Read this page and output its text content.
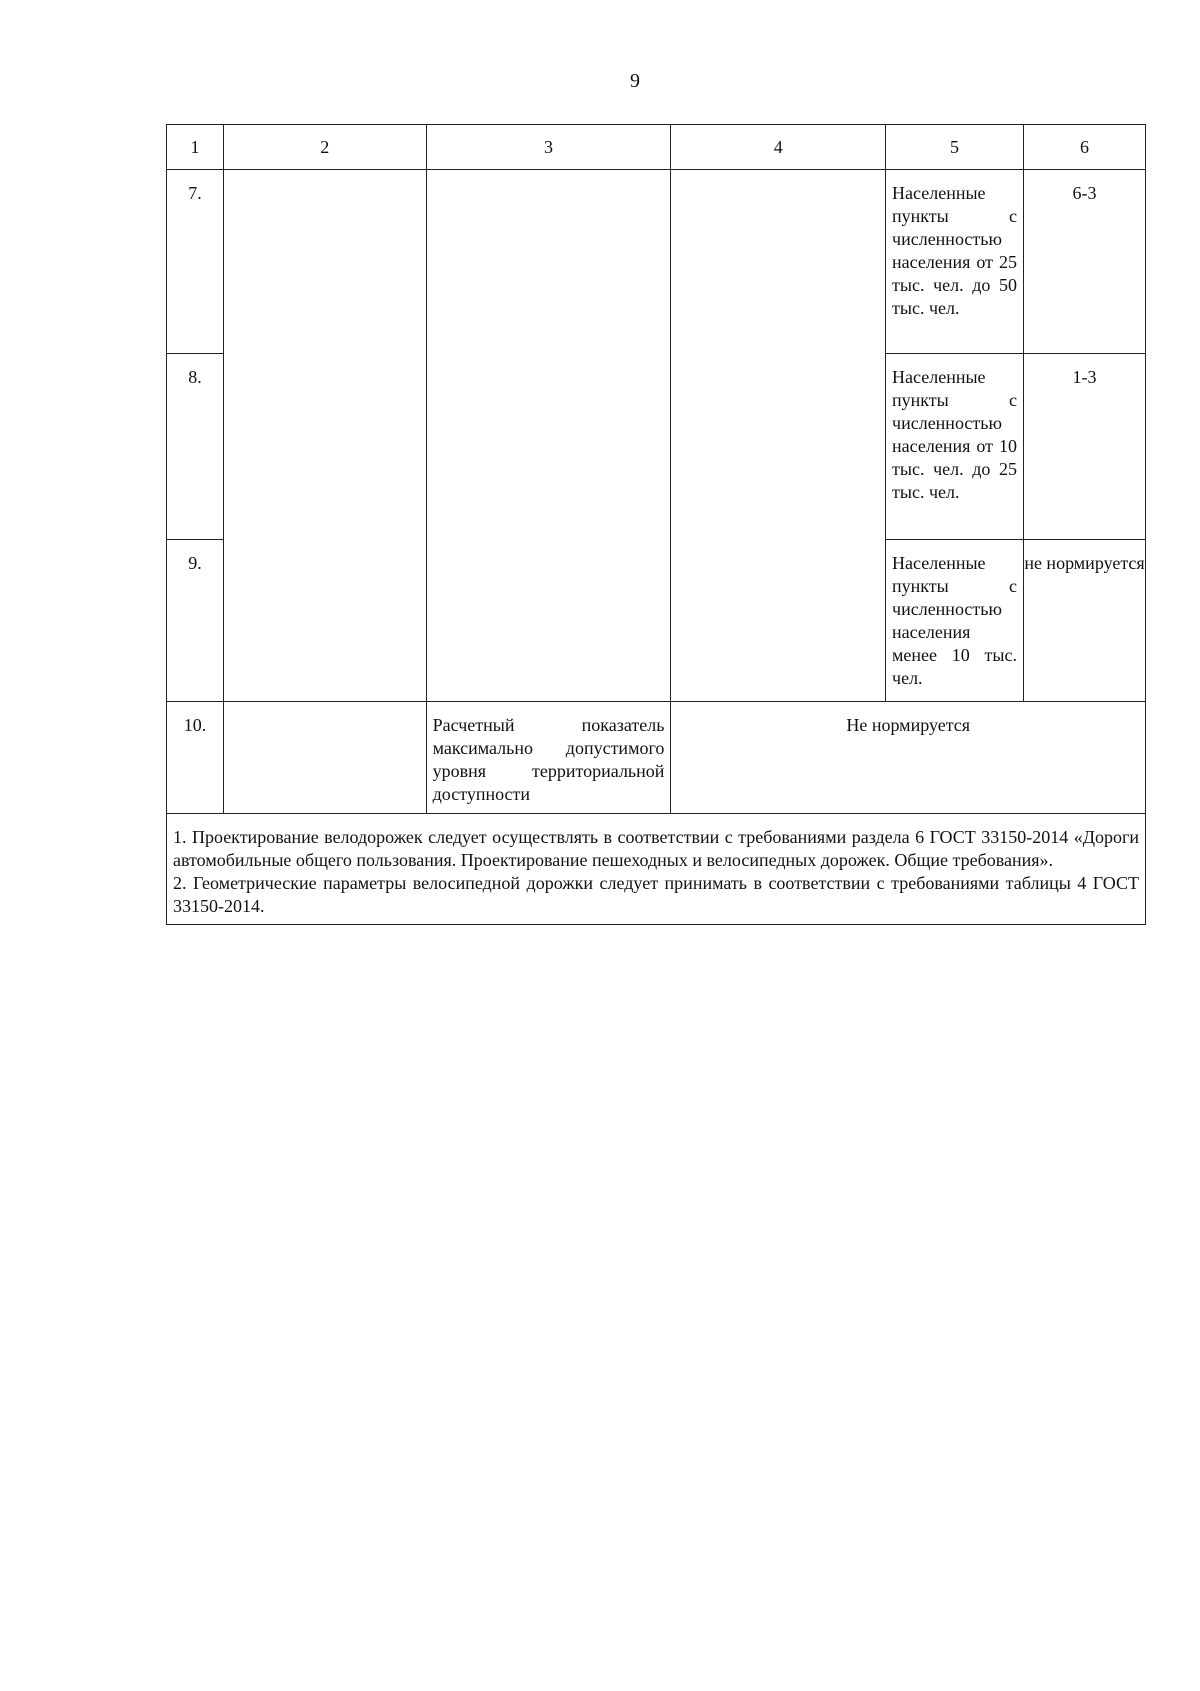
9
1	2	3	4	5	6
7.				Населенные пункты с численностью населения от 25 тыс. чел. до 50 тыс. чел.	6-3
8.				Населенные пункты с численностью населения от 10 тыс. чел. до 25 тыс. чел.	1-3
9.				Населенные пункты с численностью населения менее 10 тыс. чел.	не нормируется
10.		Расчетный показатель максимально допустимого уровня территориальной доступности	Не нормируется		

1. Проектирование велодорожек следует осуществлять в соответствии с требованиями раздела 6 ГОСТ 33150-2014 «Дороги автомобильные общего пользования. Проектирование пешеходных и велосипедных дорожек. Общие требования».
2. Геометрические параметры велосипедной дорожки следует принимать в соответствии с требованиями таблицы 4 ГОСТ 33150-2014.					
